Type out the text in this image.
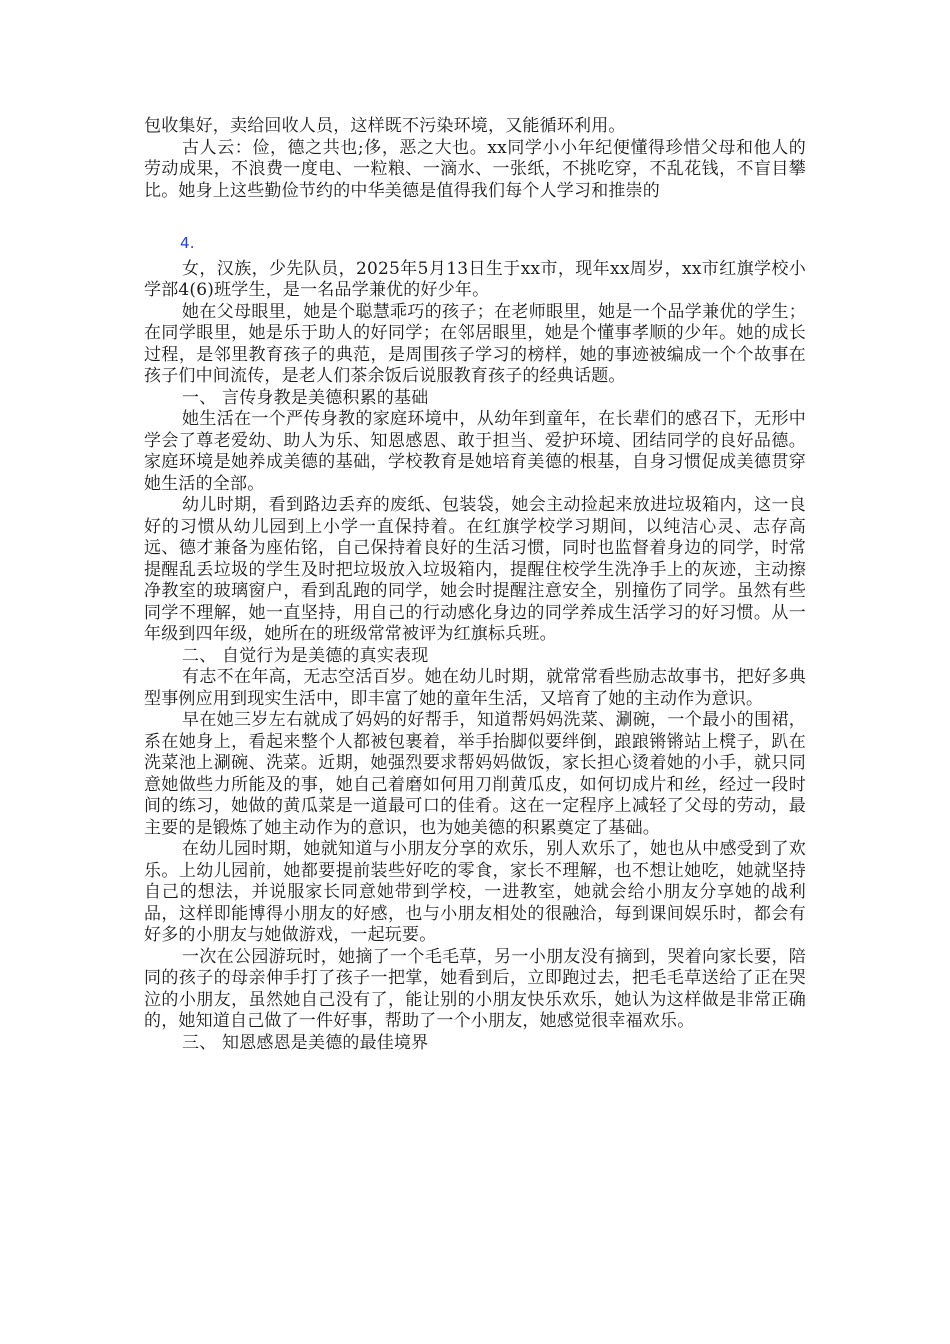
包收集好，卖给回收人员，这样既不污染环境，又能循环利用。

古人云：俭，德之共也;侈，恶之大也。xx同学小小年纪便懂得珍惜父母和他人的劳动成果，不浪费一度电、一粒粮、一滴水、一张纸，不挑吃穿，不乱花钱，不盲目攀比。她身上这些勤俭节约的中华美德是值得我们每个人学习和推崇的

4.

女，汉族，少先队员，2025年5月13日生于xx市，现年xx周岁，xx市红旗学校小学部4(6)班学生，是一名品学兼优的好少年。

她在父母眼里，她是个聪慧乖巧的孩子；在老师眼里，她是一个品学兼优的学生；在同学眼里，她是乐于助人的好同学；在邻居眼里，她是个懂事孝顺的少年。她的成长过程，是邻里教育孩子的典范，是周围孩子学习的榜样，她的事迹被编成一个个故事在孩子们中间流传，是老人们茶余饭后说服教育孩子的经典话题。

一、 言传身教是美德积累的基础

她生活在一个严传身教的家庭环境中，从幼年到童年，在长辈们的感召下，无形中学会了尊老爱幼、助人为乐、知恩感恩、敢于担当、爱护环境、团结同学的良好品德。家庭环境是她养成美德的基础，学校教育是她培育美德的根基，自身习惯促成美德贯穿她生活的全部。

幼儿时期，看到路边丢弃的废纸、包装袋，她会主动捡起来放进垃圾箱内，这一良好的习惯从幼儿园到上小学一直保持着。在红旗学校学习期间，以纯洁心灵、志存高远、德才兼备为座佑铭，自己保持着良好的生活习惯，同时也监督着身边的同学，时常提醒乱丢垃圾的学生及时把垃圾放入垃圾箱内，提醒住校学生洗净手上的灰迹，主动擦净教室的玻璃窗户，看到乱跑的同学，她会时提醒注意安全，别撞伤了同学。虽然有些同学不理解，她一直坚持，用自己的行动感化身边的同学养成生活学习的好习惯。从一年级到四年级，她所在的班级常常被评为红旗标兵班。

二、 自觉行为是美德的真实表现

有志不在年高，无志空活百岁。她在幼儿时期，就常常看些励志故事书，把好多典型事例应用到现实生活中，即丰富了她的童年生活，又培育了她的主动作为意识。

早在她三岁左右就成了妈妈的好帮手，知道帮妈妈洗菜、涮碗，一个最小的围裙，系在她身上，看起来整个人都被包裹着，举手抬脚似要绊倒，踉踉锵锵站上櫈子，趴在洗菜池上涮碗、洗菜。近期，她强烈要求帮妈妈做饭，家长担心烫着她的小手，就只同意她做些力所能及的事，她自己着磨如何用刀削黄瓜皮，如何切成片和丝，经过一段时间的练习，她做的黄瓜菜是一道最可口的佳肴。这在一定程序上减轻了父母的劳动，最主要的是锻炼了她主动作为的意识，也为她美德的积累奠定了基础。

在幼儿园时期，她就知道与小朋友分享的欢乐，别人欢乐了，她也从中感受到了欢乐。上幼儿园前，她都要提前装些好吃的零食，家长不理解，也不想让她吃，她就坚持自己的想法，并说服家长同意她带到学校，一进教室，她就会给小朋友分享她的战利品，这样即能博得小朋友的好感，也与小朋友相处的很融洽，每到课间娱乐时，都会有好多的小朋友与她做游戏，一起玩要。

一次在公园游玩时，她摘了一个毛毛草，另一小朋友没有摘到，哭着向家长要，陪同的孩子的母亲伸手打了孩子一把掌，她看到后，立即跑过去，把毛毛草送给了正在哭泣的小朋友，虽然她自己没有了，能让别的小朋友快乐欢乐，她认为这样做是非常正确的，她知道自己做了一件好事，帮助了一个小朋友，她感觉很幸福欢乐。

三、 知恩感恩是美德的最佳境界
